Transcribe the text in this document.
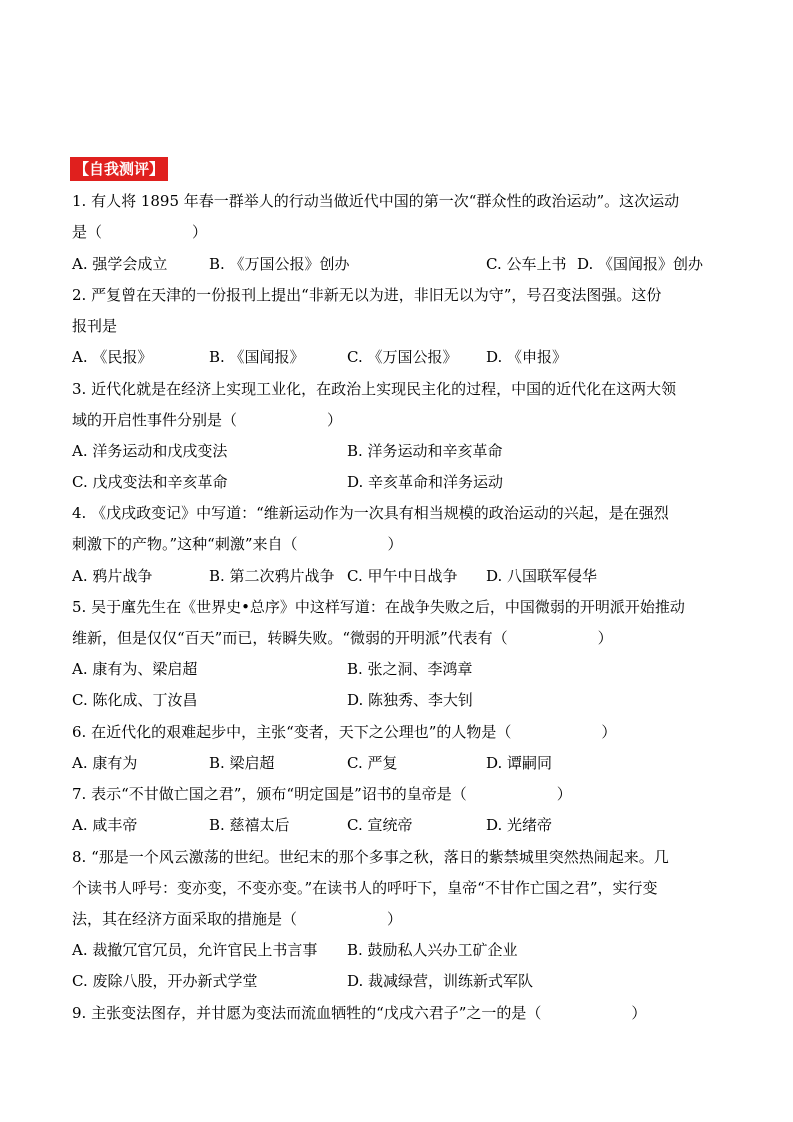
【自我测评】
1. 有人将 1895 年春一群举人的行动当做近代中国的第一次“群众性的政治运动”。这次运动
是（　　　　　　）
A. 强学会成立	B. 《万国公报》创办	C. 公车上书 D. 《国闻报》创办
2. 严复曾在天津的一份报刊上提出“非新无以为进，非旧无以为守”，号召变法图强。这份
报刊是
A. 《民报》	B. 《国闻报》	C. 《万国公报》 D. 《申报》
3. 近代化就是在经济上实现工业化，在政治上实现民主化的过程，中国的近代化在这两大领
域的开启性事件分别是（　　　　　　）
A. 洋务运动和戊戌变法	B. 洋务运动和辛亥革命
C. 戊戌变法和辛亥革命	D. 辛亥革命和洋务运动
4. 《戊戌政变记》中写道：“维新运动作为一次具有相当规模的政治运动的兴起，是在强烈
刺激下的产物。”这种“刺激”来自（　　　　　　）
A. 鸦片战争	B. 第二次鸦片战争 C. 甲午中日战争 D. 八国联军侵华
5. 吴于廑先生在《世界史•总序》中这样写道：在战争失败之后，中国微弱的开明派开始推动
维新，但是仅仅“百天”而已，转瞬失败。“微弱的开明派”代表有（　　　　　　）
A. 康有为、梁启超	B. 张之洞、李鸿章
C. 陈化成、丁汝昌	D. 陈独秀、李大钊
6. 在近代化的艰难起步中，主张“变者，天下之公理也”的人物是（　　　　　　）
A. 康有为	B. 梁启超	C. 严复	D. 谭嗣同
7. 表示“不甘做亡国之君”，颁布“明定国是”诏书的皇帝是（　　　　　　）
A. 咸丰帝	B. 慈禧太后	C. 宣统帝	D. 光绪帝
8. “那是一个风云激荡的世纪。世纪末的那个多事之秋，落日的紫禁城里突然热闹起来。几
个读书人呼号：变亦变，不变亦变。”在读书人的呼吁下，皇帝“不甘作亡国之君”，实行变
法，其在经济方面采取的措施是（　　　　　　）
A. 裁撤冗官冗员，允许官民上书言事 B. 鼓励私人兴办工矿企业
C. 废除八股，开办新式学堂	D. 裁减绿营，训练新式军队
9. 主张变法图存，并甘愿为变法而流血牺牲的“戊戌六君子”之一的是（　　　　　　）
